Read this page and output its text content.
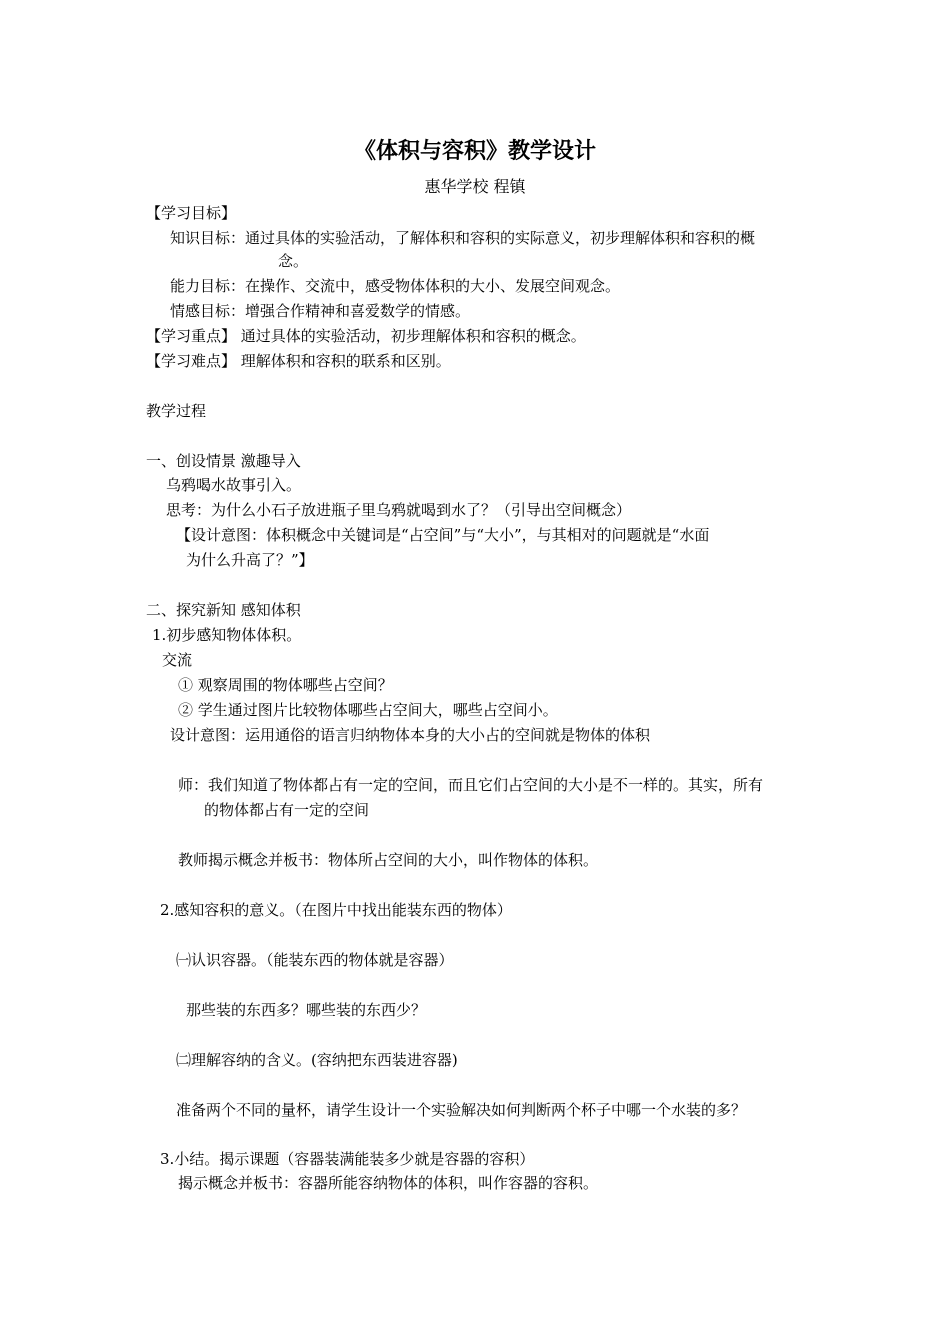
《体积与容积》教学设计
惠华学校 程镇
【学习目标】
知识目标：通过具体的实验活动，了解体积和容积的实际意义，初步理解体积和容积的概
念。
能力目标：在操作、交流中，感受物体体积的大小、发展空间观念。
情感目标：增强合作精神和喜爱数学的情感。
【学习重点】 通过具体的实验活动，初步理解体积和容积的概念。
【学习难点】 理解体积和容积的联系和区别。
教学过程
一、创设情景 激趣导入
乌鸦喝水故事引入。
思考：为什么小石子放进瓶子里乌鸦就喝到水了？（引导出空间概念）
【设计意图：体积概念中关键词是“占空间”与“大小”，与其相对的问题就是“水面
为什么升高了？”】
二、探究新知 感知体积
1.初步感知物体体积。
交流
① 观察周围的物体哪些占空间？
② 学生通过图片比较物体哪些占空间大，哪些占空间小。
设计意图：运用通俗的语言归纳物体本身的大小占的空间就是物体的体积
师：我们知道了物体都占有一定的空间，而且它们占空间的大小是不一样的。其实，所有
的物体都占有一定的空间
教师揭示概念并板书：物体所占空间的大小，叫作物体的体积。
2.感知容积的意义。（在图片中找出能装东西的物体）
㈠认识容器。（能装东西的物体就是容器）
那些装的东西多？哪些装的东西少？
㈡理解容纳的含义。(容纳把东西装进容器)
准备两个不同的量杯，请学生设计一个实验解决如何判断两个杯子中哪一个水装的多？
3.小结。揭示课题（容器装满能装多少就是容器的容积）
揭示概念并板书：容器所能容纳物体的体积，叫作容器的容积。
